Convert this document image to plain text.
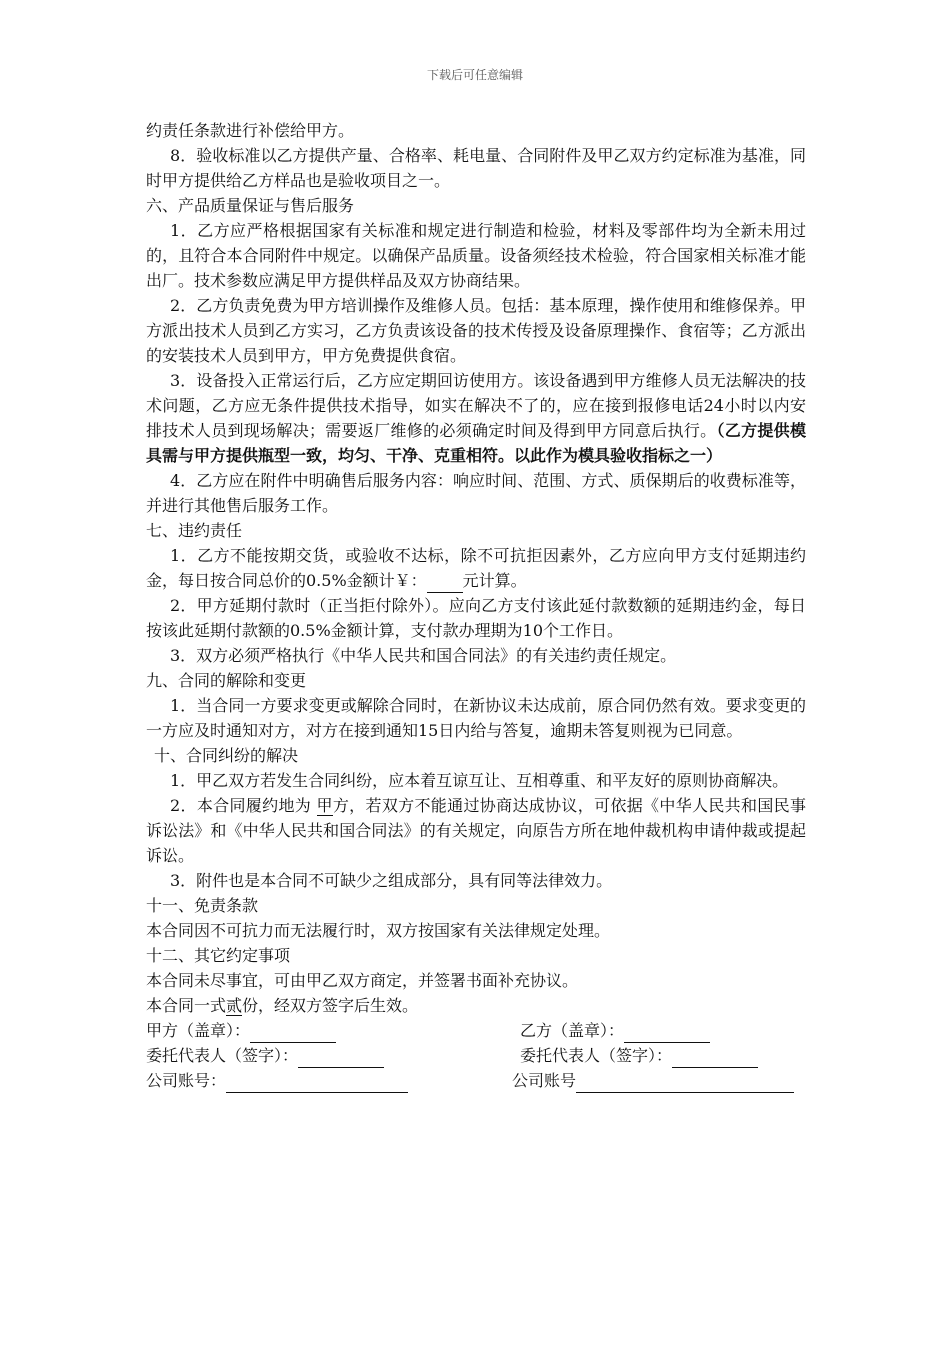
下载后可任意编辑

约责任条款进行补偿给甲方。

8．验收标准以乙方提供产量、合格率、耗电量、合同附件及甲乙双方约定标准为基准，同时甲方提供给乙方样品也是验收项目之一。

六、产品质量保证与售后服务

1．乙方应严格根据国家有关标准和规定进行制造和检验，材料及零部件均为全新未用过的，且符合本合同附件中规定。以确保产品质量。设备须经技术检验，符合国家相关标准才能出厂。技术参数应满足甲方提供样品及双方协商结果。

2．乙方负责免费为甲方培训操作及维修人员。包括：基本原理，操作使用和维修保养。甲方派出技术人员到乙方实习，乙方负责该设备的技术传授及设备原理操作、食宿等；乙方派出的安装技术人员到甲方，甲方免费提供食宿。

3．设备投入正常运行后，乙方应定期回访使用方。该设备遇到甲方维修人员无法解决的技术问题，乙方应无条件提供技术指导，如实在解决不了的，应在接到报修电话24小时以内安排技术人员到现场解决；需要返厂维修的必须确定时间及得到甲方同意后执行。（乙方提供模具需与甲方提供瓶型一致，均匀、干净、克重相符。以此作为模具验收指标之一）

4．乙方应在附件中明确售后服务内容：响应时间、范围、方式、质保期后的收费标准等，并进行其他售后服务工作。

七、违约责任

1．乙方不能按期交货，或验收不达标，除不可抗拒因素外，乙方应向甲方支付延期违约金，每日按合同总价的0.5%金额计￥： 元计算。

2．甲方延期付款时（正当拒付除外）。应向乙方支付该此延付款数额的延期违约金，每日按该此延期付款额的0.5%金额计算，支付款办理期为10个工作日。

3．双方必须严格执行《中华人民共和国合同法》的有关违约责任规定。

九、合同的解除和变更

1．当合同一方要求变更或解除合同时，在新协议未达成前，原合同仍然有效。要求变更的一方应及时通知对方，对方在接到通知15日内给与答复，逾期未答复则视为已同意。

十、合同纠纷的解决

1．甲乙双方若发生合同纠纷，应本着互谅互让、互相尊重、和平友好的原则协商解决。

2．本合同履约地为 甲方，若双方不能通过协商达成协议，可依据《中华人民共和国民事诉讼法》和《中华人民共和国合同法》的有关规定，向原告方所在地仲裁机构申请仲裁或提起诉讼。

3．附件也是本合同不可缺少之组成部分，具有同等法律效力。

十一、免责条款

本合同因不可抗力而无法履行时，双方按国家有关法律规定处理。

十二、其它约定事项

本合同未尽事宜，可由甲乙双方商定，并签署书面补充协议。

本合同一式贰份，经双方签字后生效。

甲方（盖章）：	乙方（盖章）：
委托代表人（签字）：	委托代表人（签字）：
公司账号：	公司账号
